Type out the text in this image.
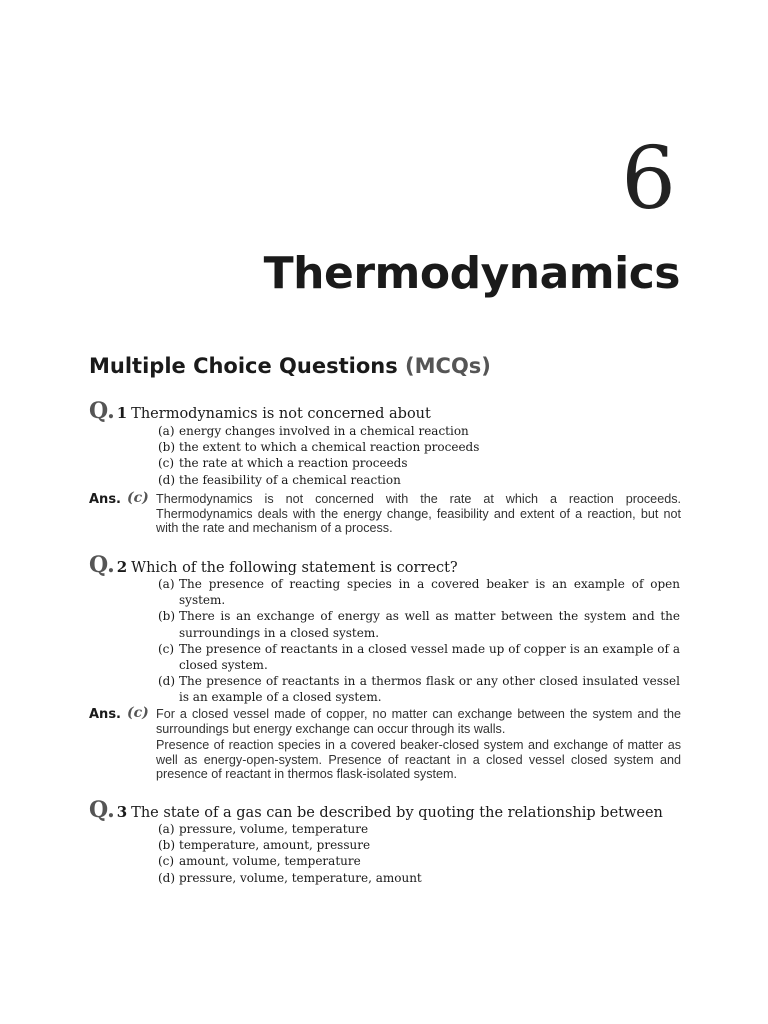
6
Thermodynamics
Multiple Choice Questions (MCQs)
Q. 1 Thermodynamics is not concerned about
(a) energy changes involved in a chemical reaction
(b) the extent to which a chemical reaction proceeds
(c) the rate at which a reaction proceeds
(d) the feasibility of a chemical reaction
Ans. (c) Thermodynamics is not concerned with the rate at which a reaction proceeds. Thermodynamics deals with the energy change, feasibility and extent of a reaction, but not with the rate and mechanism of a process.

Q. 2 Which of the following statement is correct?
(a) The presence of reacting species in a covered beaker is an example of open system.
(b) There is an exchange of energy as well as matter between the system and the surroundings in a closed system.
(c) The presence of reactants in a closed vessel made up of copper is an example of a closed system.
(d) The presence of reactants in a thermos flask or any other closed insulated vessel is an example of a closed system.
Ans. (c) For a closed vessel made of copper, no matter can exchange between the system and the surroundings but energy exchange can occur through its walls.

Presence of reaction species in a covered beaker-closed system and exchange of matter as well as energy-open-system. Presence of reactant in a closed vessel closed system and presence of reactant in thermos flask-isolated system.

Q. 3 The state of a gas can be described by quoting the relationship between
(a) pressure, volume, temperature
(b) temperature, amount, pressure
(c) amount, volume, temperature
(d) pressure, volume, temperature, amount
